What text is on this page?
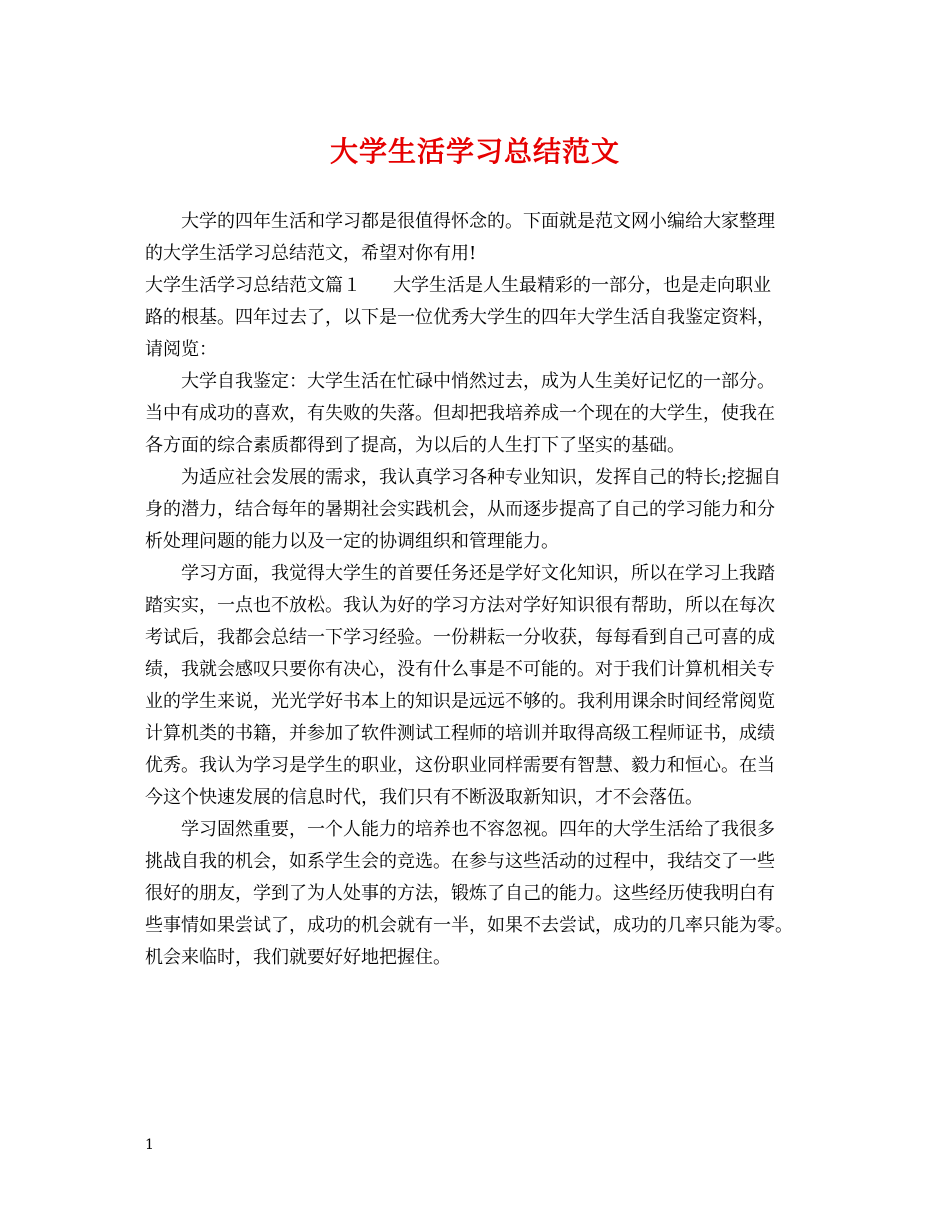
大学生活学习总结范文
大学的四年生活和学习都是很值得怀念的。下面就是范文网小编给大家整理
的大学生活学习总结范文，希望对你有用!
大学生活学习总结范文篇１ 大学生活是人生最精彩的一部分，也是走向职业
路的根基。四年过去了，以下是一位优秀大学生的四年大学生活自我鉴定资料，
请阅览：
大学自我鉴定：大学生活在忙碌中悄然过去，成为人生美好记忆的一部分。
当中有成功的喜欢，有失败的失落。但却把我培养成一个现在的大学生，使我在
各方面的综合素质都得到了提高，为以后的人生打下了坚实的基础。
为适应社会发展的需求，我认真学习各种专业知识，发挥自己的特长;挖掘自
身的潜力，结合每年的暑期社会实践机会，从而逐步提高了自己的学习能力和分
析处理问题的能力以及一定的协调组织和管理能力。
学习方面，我觉得大学生的首要任务还是学好文化知识，所以在学习上我踏
踏实实，一点也不放松。我认为好的学习方法对学好知识很有帮助，所以在每次
考试后，我都会总结一下学习经验。一份耕耘一分收获，每每看到自己可喜的成
绩，我就会感叹只要你有决心，没有什么事是不可能的。对于我们计算机相关专
业的学生来说，光光学好书本上的知识是远远不够的。我利用课余时间经常阅览
计算机类的书籍，并参加了软件测试工程师的培训并取得高级工程师证书，成绩
优秀。我认为学习是学生的职业，这份职业同样需要有智慧、毅力和恒心。在当
今这个快速发展的信息时代，我们只有不断汲取新知识，才不会落伍。
学习固然重要，一个人能力的培养也不容忽视。四年的大学生活给了我很多
挑战自我的机会，如系学生会的竞选。在参与这些活动的过程中，我结交了一些
很好的朋友，学到了为人处事的方法，锻炼了自己的能力。这些经历使我明白有
些事情如果尝试了，成功的机会就有一半，如果不去尝试，成功的几率只能为零。
机会来临时，我们就要好好地把握住。
1
